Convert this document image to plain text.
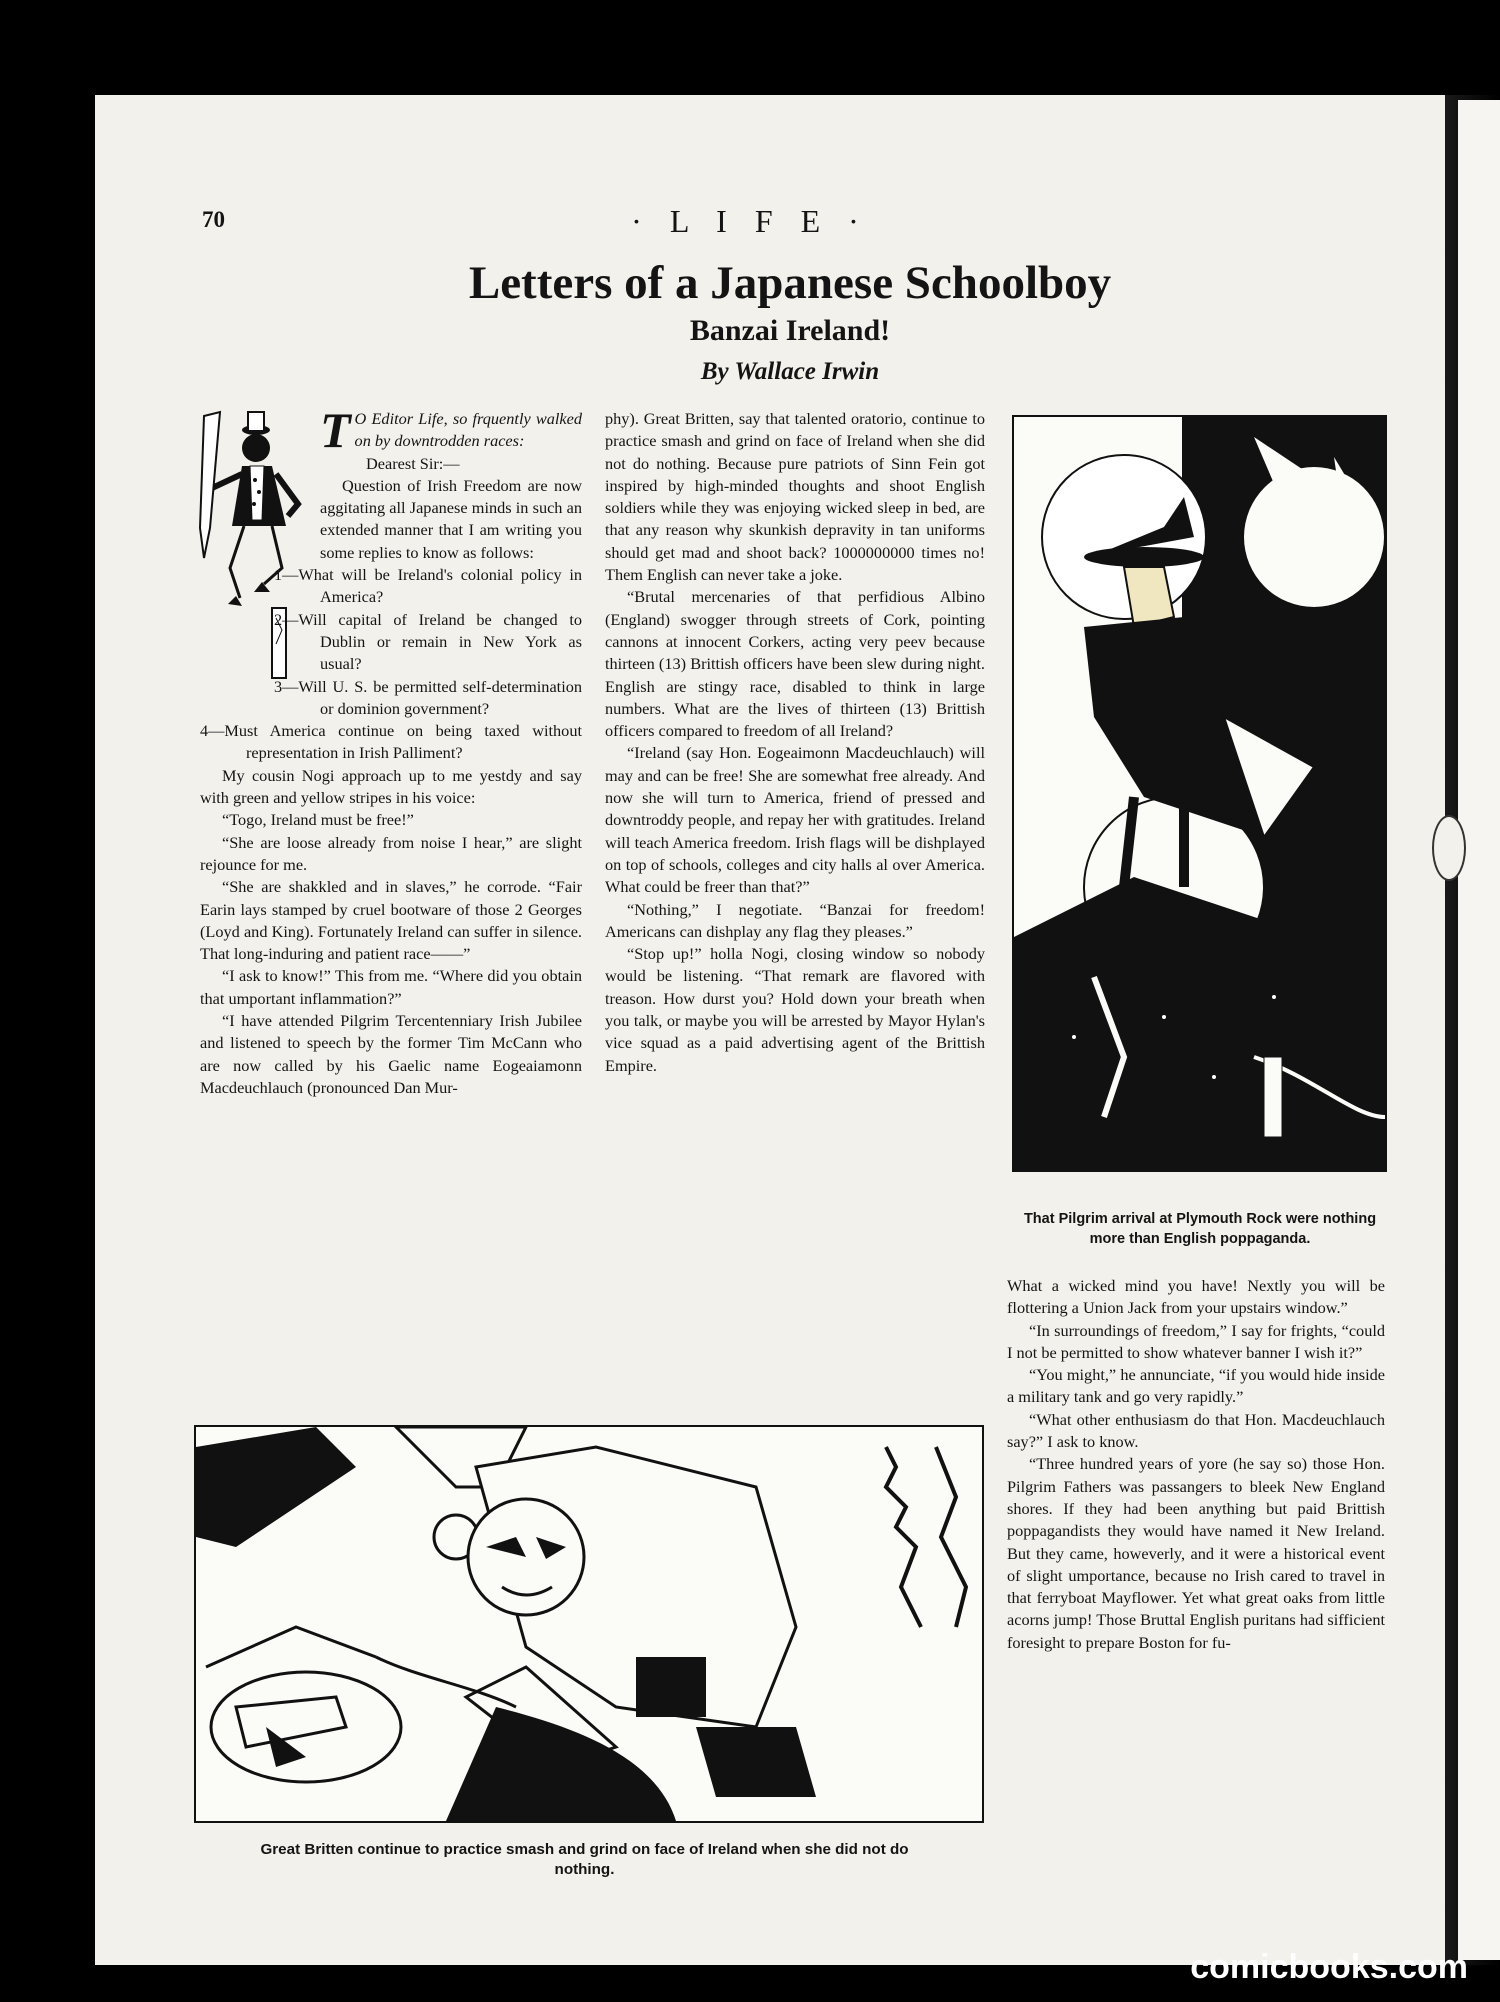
70	· L I F E ·
Letters of a Japanese Schoolboy
Banzai Ireland!
By Wallace Irwin

T O Editor Life, so frquently walked on by downtrodden races:

Dearest Sir:—

Question of Irish Freedom are now aggitating all Japanese minds in such an extended manner that I am writing you some replies to know as follows:

1—What will be Ireland's colonial policy in America?

2—Will capital of Ireland be changed to Dublin or remain in New York as usual?

3—Will U. S. be permitted self-determination or dominion government?

4—Must America continue on being taxed without representation in Irish Palliment?

My cousin Nogi approach up to me yestdy and say with green and yellow stripes in his voice:

“Togo, Ireland must be free!”

“She are loose already from noise I hear,” are slight rejounce for me.

“She are shakkled and in slaves,” he corrode. “Fair Earin lays stamped by cruel bootware of those 2 Georges (Loyd and King). Fortunately Ireland can suffer in silence. That long-induring and patient race——”

“I ask to know!” This from me. “Where did you obtain that umportant inflammation?”

“I have attended Pilgrim Tercentenniary Irish Jubilee and listened to speech by the former Tim McCann who are now called by his Gaelic name Eogeaiamonn Macdeuchlauch (pronounced Dan Mur-

phy). Great Britten, say that talented oratorio, continue to practice smash and grind on face of Ireland when she did not do nothing. Because pure patriots of Sinn Fein got inspired by high-minded thoughts and shoot English soldiers while they was enjoying wicked sleep in bed, are that any reason why skunkish depravity in tan uniforms should get mad and shoot back? 1000000000 times no! Them English can never take a joke.

“Brutal mercenaries of that perfidious Albino (England) swogger through streets of Cork, pointing cannons at innocent Corkers, acting very peev because thirteen (13) Brittish officers have been slew during night. English are stingy race, disabled to think in large numbers. What are the lives of thirteen (13) Brittish officers compared to freedom of all Ireland?

“Ireland (say Hon. Eogeaimonn Macdeuchlauch) will may and can be free! She are somewhat free already. And now she will turn to America, friend of pressed and downtroddy people, and repay her with gratitudes. Ireland will teach America freedom. Irish flags will be dishplayed on top of schools, colleges and city halls al over America. What could be freer than that?”

“Nothing,” I negotiate. “Banzai for freedom! Americans can dishplay any flag they pleases.”

“Stop up!” holla Nogi, closing window so nobody would be listening. “That remark are flavored with treason. How durst you? Hold down your breath when you talk, or maybe you will be arrested by Mayor Hylan's vice squad as a paid advertising agent of the Brittish Empire.

That Pilgrim arrival at Plymouth Rock were nothing more than English poppaganda.

What a wicked mind you have! Nextly you will be flottering a Union Jack from your upstairs window.”

“In surroundings of freedom,” I say for frights, “could I not be permitted to show whatever banner I wish it?”

“You might,” he annunciate, “if you would hide inside a military tank and go very rapidly.”

“What other enthusiasm do that Hon. Macdeuchlauch say?” I ask to know.

“Three hundred years of yore (he say so) those Hon. Pilgrim Fathers was passangers to bleek New England shores. If they had been anything but paid Brittish poppagandists they would have named it New Ireland. But they came, howeverly, and it were a historical event of slight umportance, because no Irish cared to travel in that ferryboat Mayflower. Yet what great oaks from little acorns jump! Those Bruttal English puritans had sifficient foresight to prepare Boston for fu-

Great Britten continue to practice smash and grind on face of Ireland when she did not do nothing.

comicbooks.com
